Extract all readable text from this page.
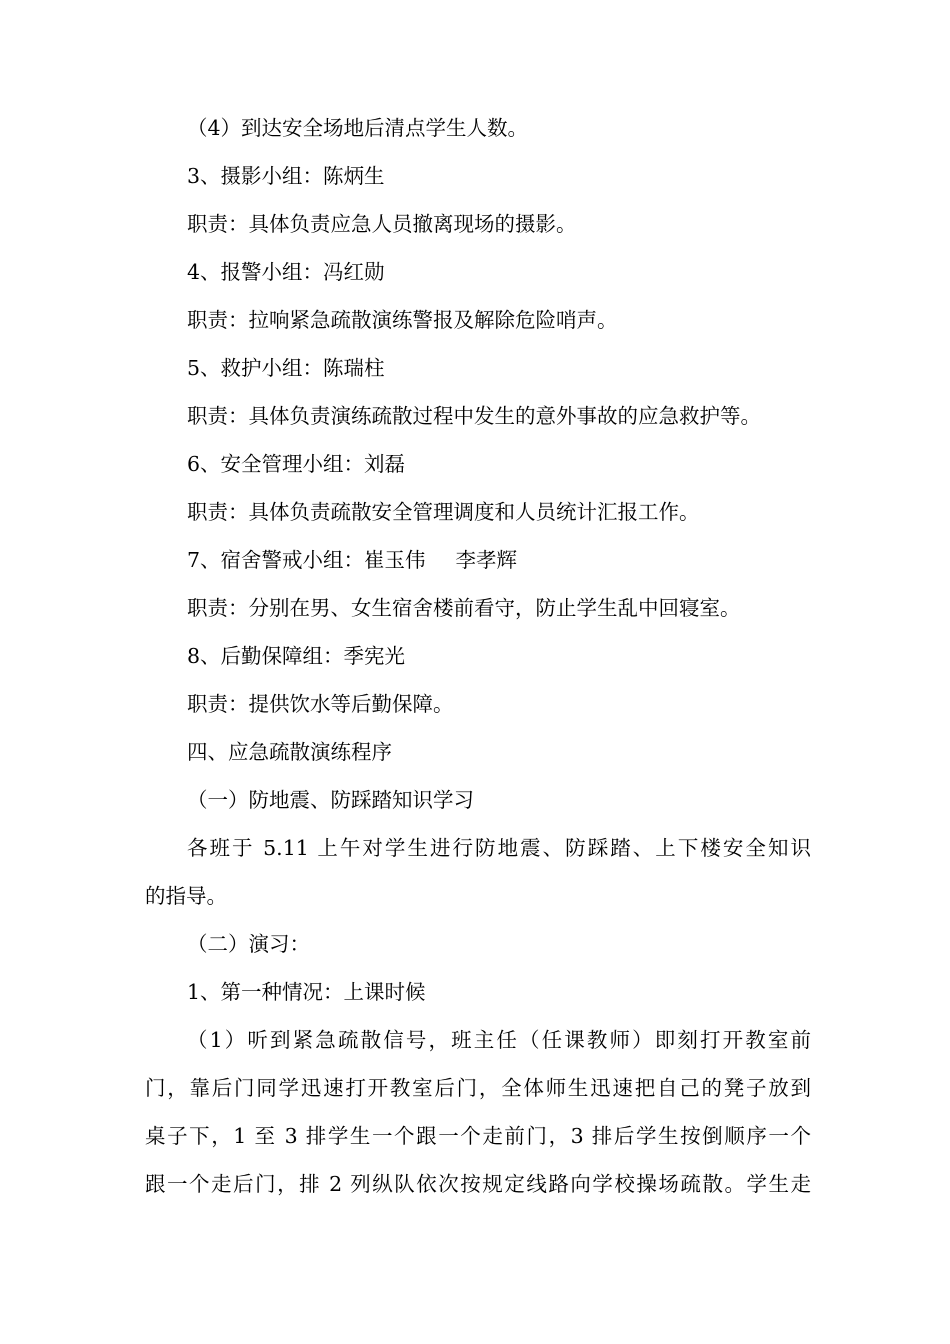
（4）到达安全场地后清点学生人数。
3、摄影小组：陈炳生
职责：具体负责应急人员撤离现场的摄影。
4、报警小组：冯红勋
职责：拉响紧急疏散演练警报及解除危险哨声。
5、救护小组：陈瑞柱
职责：具体负责演练疏散过程中发生的意外事故的应急救护等。
6、安全管理小组：刘磊
职责：具体负责疏散安全管理调度和人员统计汇报工作。
7、宿舍警戒小组：崔玉伟 李孝辉
职责：分别在男、女生宿舍楼前看守，防止学生乱中回寝室。
8、后勤保障组：季宪光
职责：提供饮水等后勤保障。
四、应急疏散演练程序
（一）防地震、防踩踏知识学习
各班于 5.11 上午对学生进行防地震、防踩踏、上下楼安全知识
的指导。
（二）演习：
1、第一种情况：上课时候
（1）听到紧急疏散信号，班主任（任课教师）即刻打开教室前
门，靠后门同学迅速打开教室后门，全体师生迅速把自己的凳子放到
桌子下，1 至 3 排学生一个跟一个走前门，3 排后学生按倒顺序一个
跟一个走后门，排 2 列纵队依次按规定线路向学校操场疏散。学生走
